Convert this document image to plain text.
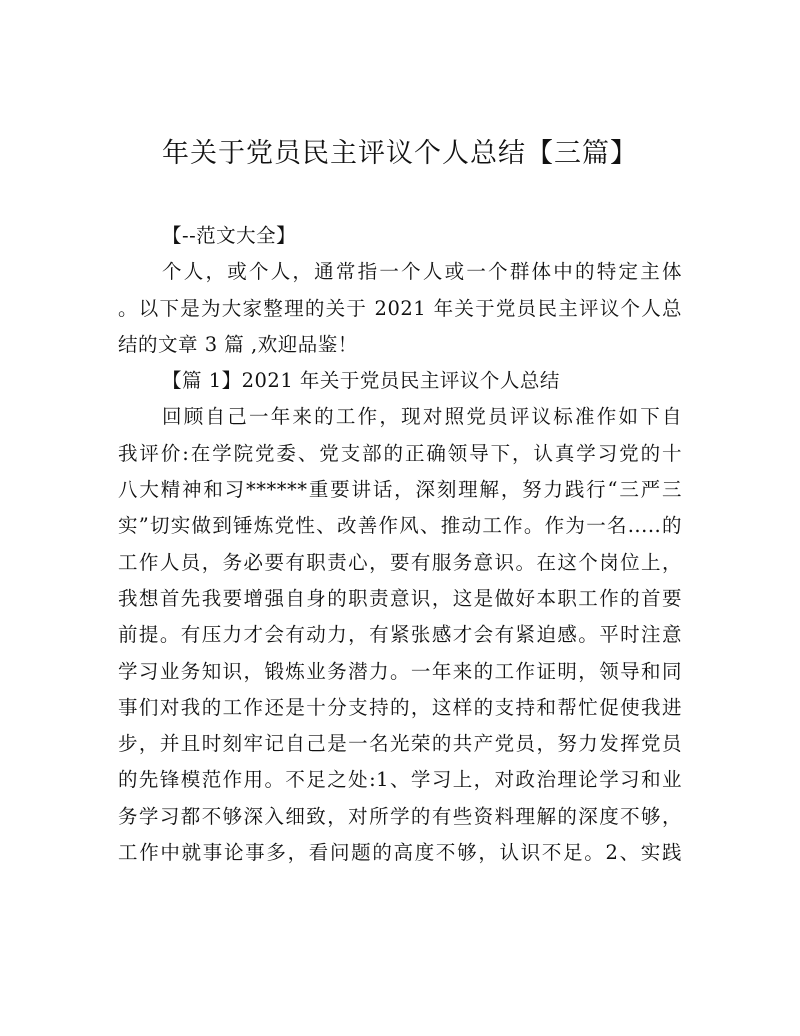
年关于党员民主评议个人总结【三篇】
【--范文大全】
个人，或个人，通常指一个人或一个群体中的特定主体
。以下是为大家整理的关于 2021 年关于党员民主评议个人总
结的文章 3 篇 ,欢迎品鉴！
【篇 1】2021 年关于党员民主评议个人总结
回顾自己一年来的工作，现对照党员评议标准作如下自
我评价:在学院党委、党支部的正确领导下，认真学习党的十
八大精神和习******重要讲话，深刻理解，努力践行“三严三
实”切实做到锤炼党性、改善作风、推动工作。作为一名.....的
工作人员，务必要有职责心，要有服务意识。在这个岗位上，
我想首先我要增强自身的职责意识，这是做好本职工作的首要
前提。有压力才会有动力，有紧张感才会有紧迫感。平时注意
学习业务知识，锻炼业务潜力。一年来的工作证明，领导和同
事们对我的工作还是十分支持的，这样的支持和帮忙促使我进
步，并且时刻牢记自己是一名光荣的共产党员，努力发挥党员
的先锋模范作用。不足之处:1、学习上，对政治理论学习和业
务学习都不够深入细致，对所学的有些资料理解的深度不够，
工作中就事论事多，看问题的高度不够，认识不足。2、实践
